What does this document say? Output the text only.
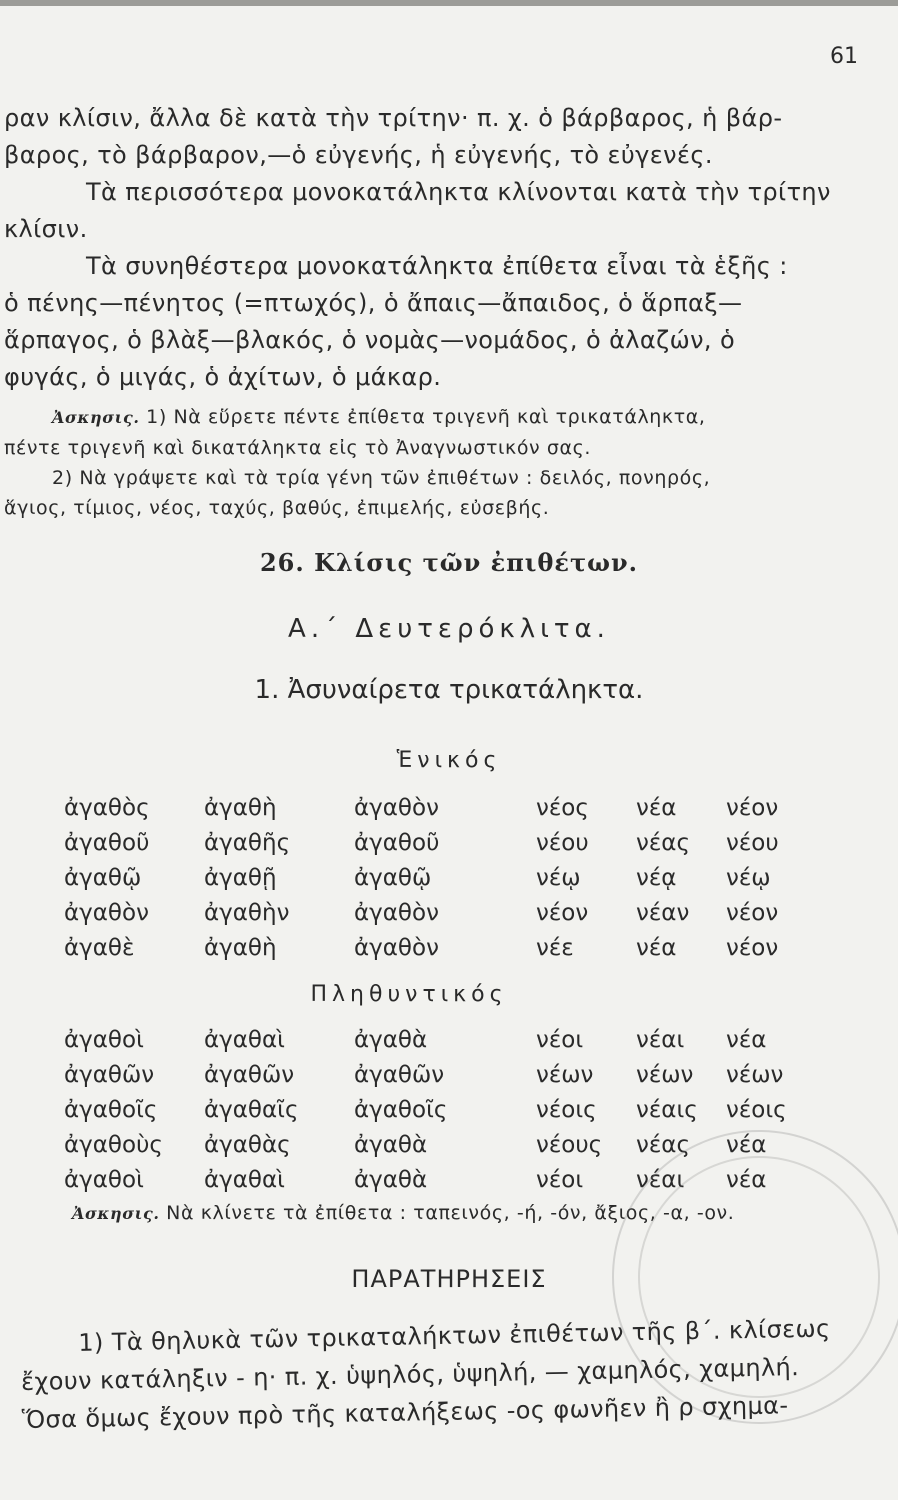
61
ραν κλίσιν, ἄλλα δὲ κατὰ τὴν τρίτην· π. χ. ὁ βάρβαρος, ἡ βάρ-
βαρος, τὸ βάρβαρον,—ὁ εὐγενής, ἡ εὐγενής, τὸ εὐγενές.
Τὰ περισσότερα μονοκατάληκτα κλίνονται κατὰ τὴν τρίτην
κλίσιν.
Τὰ συνηθέστερα μονοκατάληκτα ἐπίθετα εἶναι τὰ ἑξῆς :
ὁ πένης—πένητος (=πτωχός), ὁ ἄπαις—ἄπαιδος, ὁ ἅρπαξ—
ἅρπαγος, ὁ βλὰξ—βλακός, ὁ νομὰς—νομάδος, ὁ ἀλαζών, ὁ
φυγάς, ὁ μιγάς, ὁ ἀχίτων, ὁ μάκαρ.
Ἀσκησις. 1) Νὰ εὕρετε πέντε ἐπίθετα τριγενῆ καὶ τρικατάληκτα,
πέντε τριγενῆ καὶ δικατάληκτα εἰς τὸ Ἀναγνωστικόν σας.
2) Νὰ γράψετε καὶ τὰ τρία γένη τῶν ἐπιθέτων : δειλός, πονηρός,
ἅγιος, τίμιος, νέος, ταχύς, βαθύς, ἐπιμελής, εὐσεβής.
26. Κλίσις τῶν ἐπιθέτων.
Α.΄ Δευτερόκλιτα.
1. Ἀσυναίρετα τρικατάληκτα.
Ἑνικός
ἀγαθὸς	ἀγαθὴ	ἀγαθὸν	νέος	νέα	νέον
ἀγαθοῦ	ἀγαθῆς	ἀγαθοῦ	νέου	νέας	νέου
ἀγαθῷ	ἀγαθῇ	ἀγαθῷ	νέῳ	νέᾳ	νέῳ
ἀγαθὸν	ἀγαθὴν	ἀγαθὸν	νέον	νέαν	νέον
ἀγαθὲ	ἀγαθὴ	ἀγαθὸν	νέε	νέα	νέον
Πληθυντικός
ἀγαθοὶ	ἀγαθαὶ	ἀγαθὰ	νέοι	νέαι	νέα
ἀγαθῶν	ἀγαθῶν	ἀγαθῶν	νέων	νέων	νέων
ἀγαθοῖς	ἀγαθαῖς	ἀγαθοῖς	νέοις	νέαις	νέοις
ἀγαθοὺς	ἀγαθὰς	ἀγαθὰ	νέους	νέας	νέα
ἀγαθοὶ	ἀγαθαὶ	ἀγαθὰ	νέοι	νέαι	νέα
Ἀσκησις. Νὰ κλίνετε τὰ ἐπίθετα : ταπεινός, -ή, -όν, ἄξιος, -α, -ον.
ΠΑΡΑΤΗΡΗΣΕΙΣ
1) Τὰ θηλυκὰ τῶν τρικαταλήκτων ἐπιθέτων τῆς β΄. κλίσεως
ἔχουν κατάληξιν - η· π. χ. ὑψηλός, ὑψηλή, — χαμηλός, χαμηλή.
Ὅσα ὅμως ἔχουν πρὸ τῆς καταλήξεως -ος φωνῆεν ἢ ρ σχημα-
